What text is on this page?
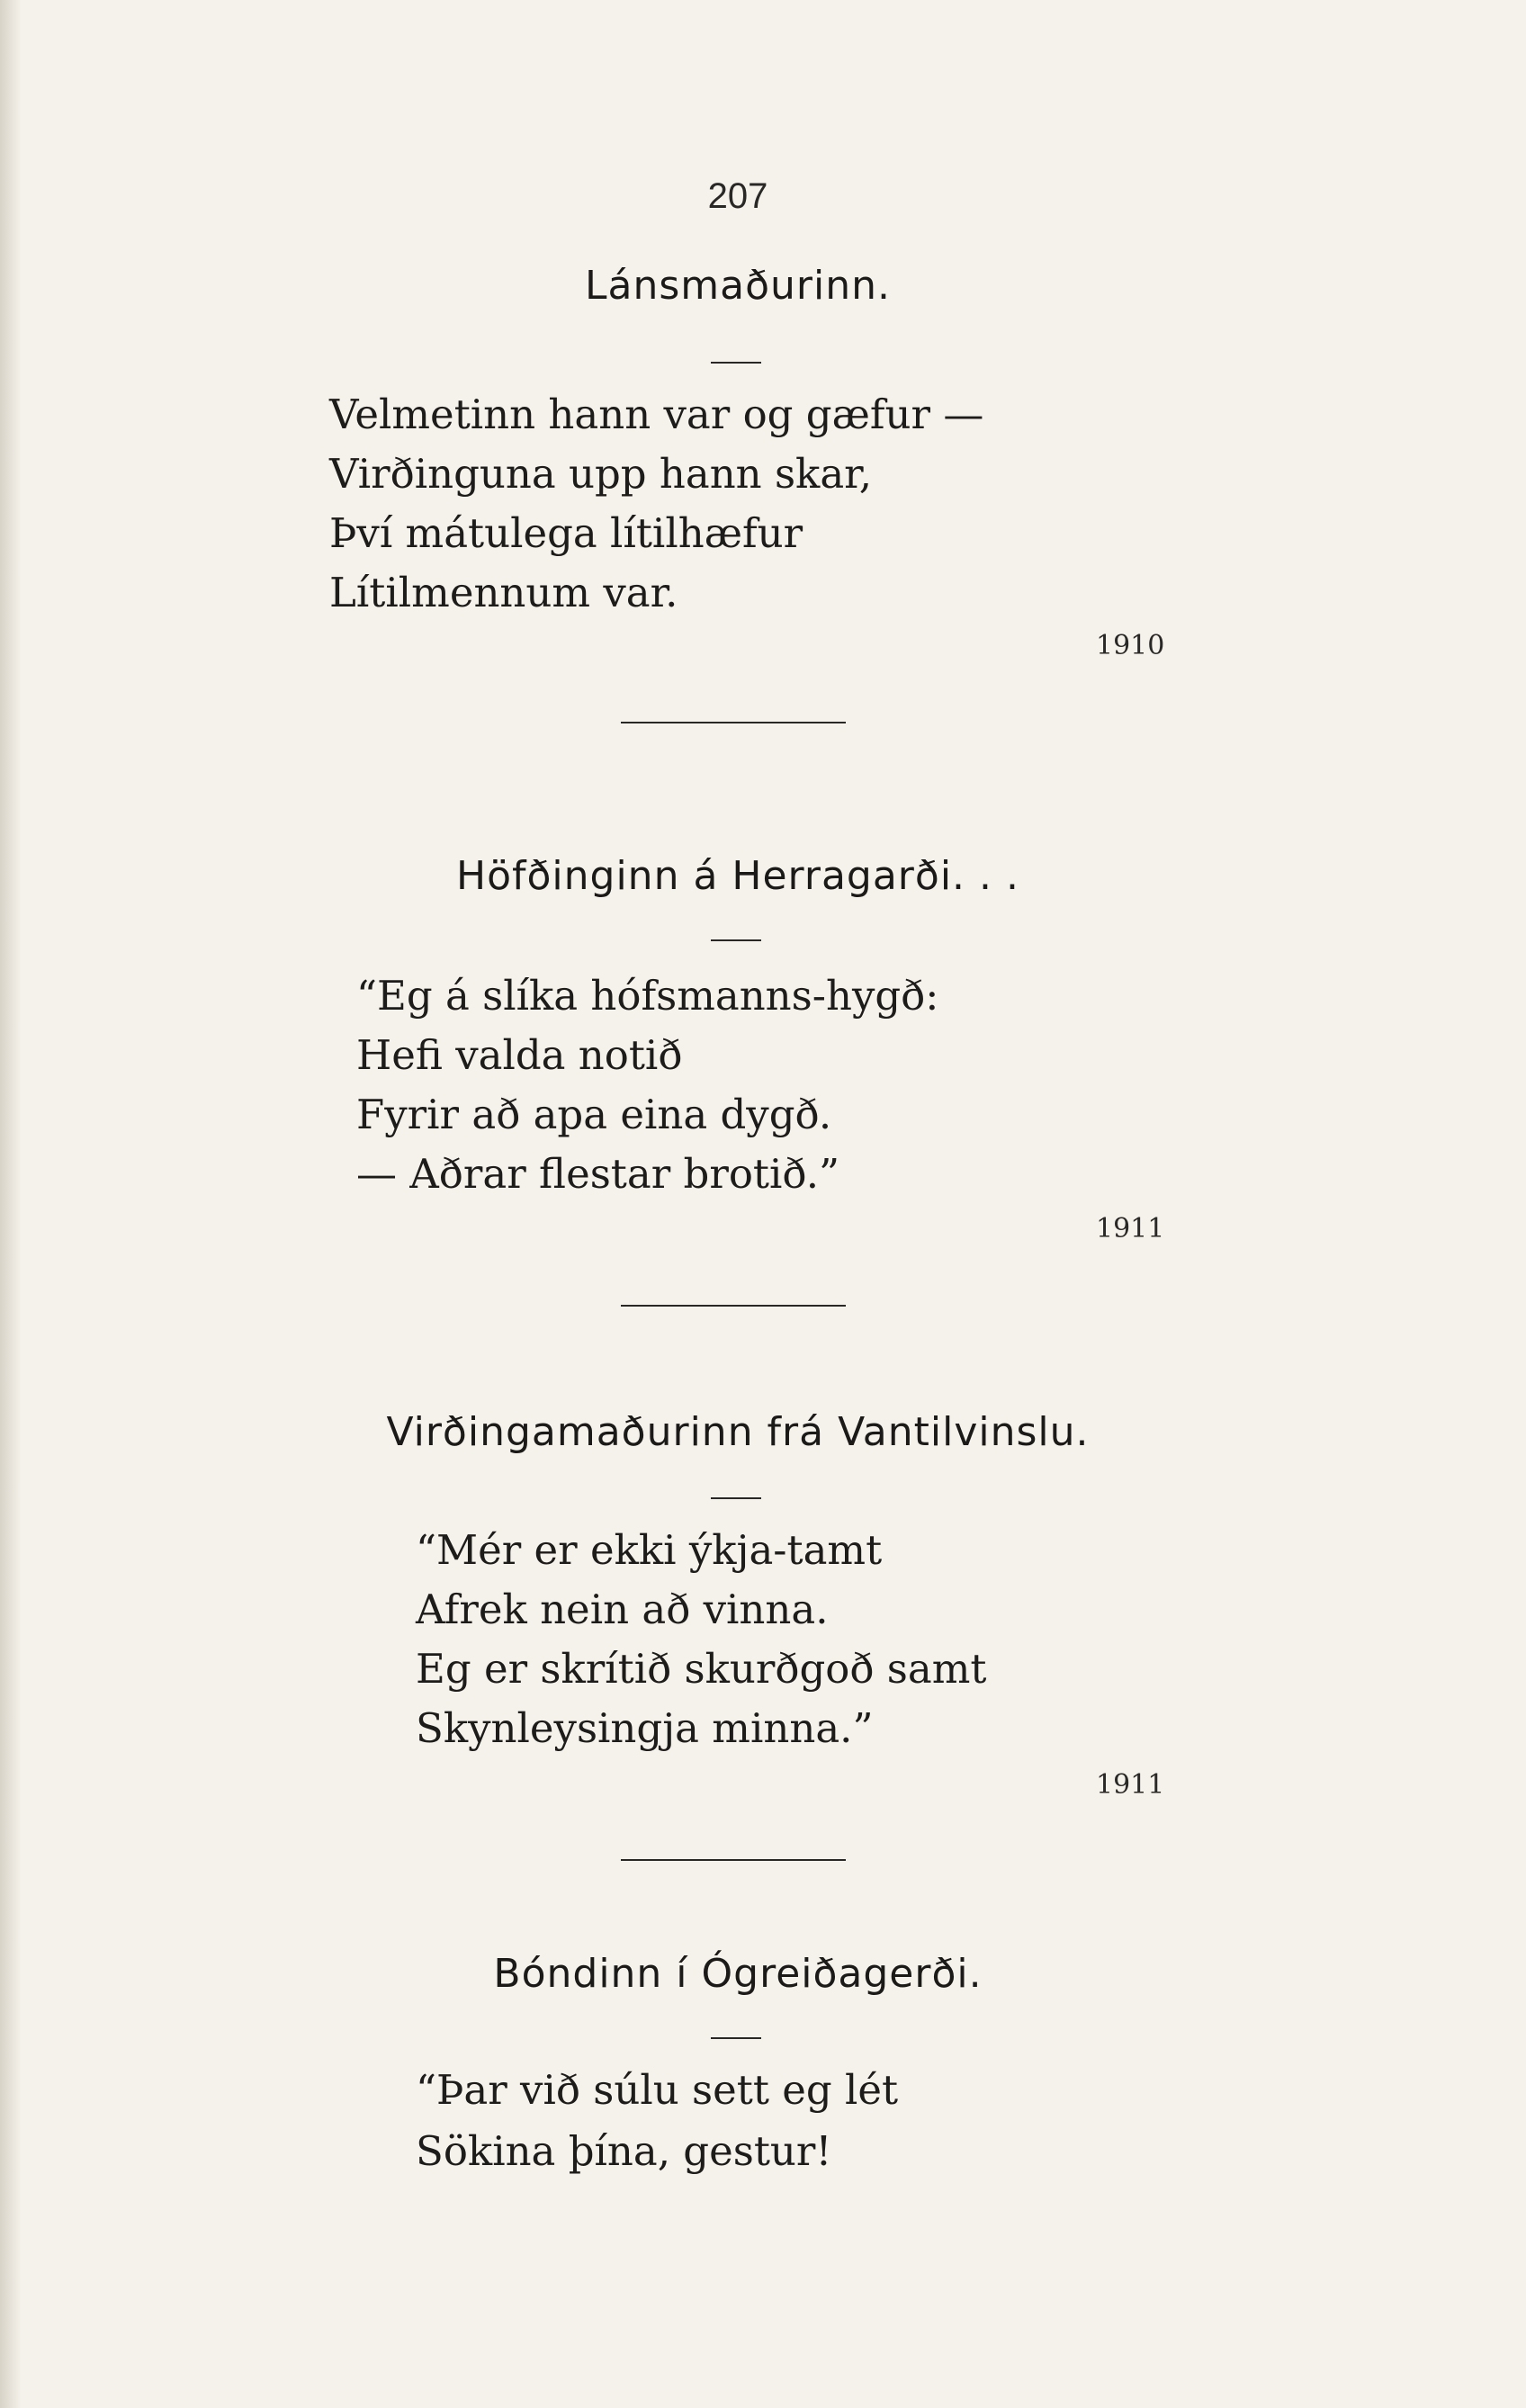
207
Lánsmaðurinn.
Velmetinn hann var og gæfur —
Virðinguna upp hann skar,
Því mátulega lítilhæfur
Lítilmennum var.
1910
Höfðinginn á Herragarði. . .
“Eg á slíka hófsmanns-hygð:
Hefi valda notið
Fyrir að apa eina dygð.
— Aðrar flestar brotið.”
1911
Virðingamaðurinn frá Vantilvinslu.
“Mér er ekki ýkja-tamt
Afrek nein að vinna.
Eg er skrítið skurðgoð samt
Skynleysingja minna.”
1911
Bóndinn í Ógreiðagerði.
“Þar við súlu sett eg lét
Sökina þína, gestur!
